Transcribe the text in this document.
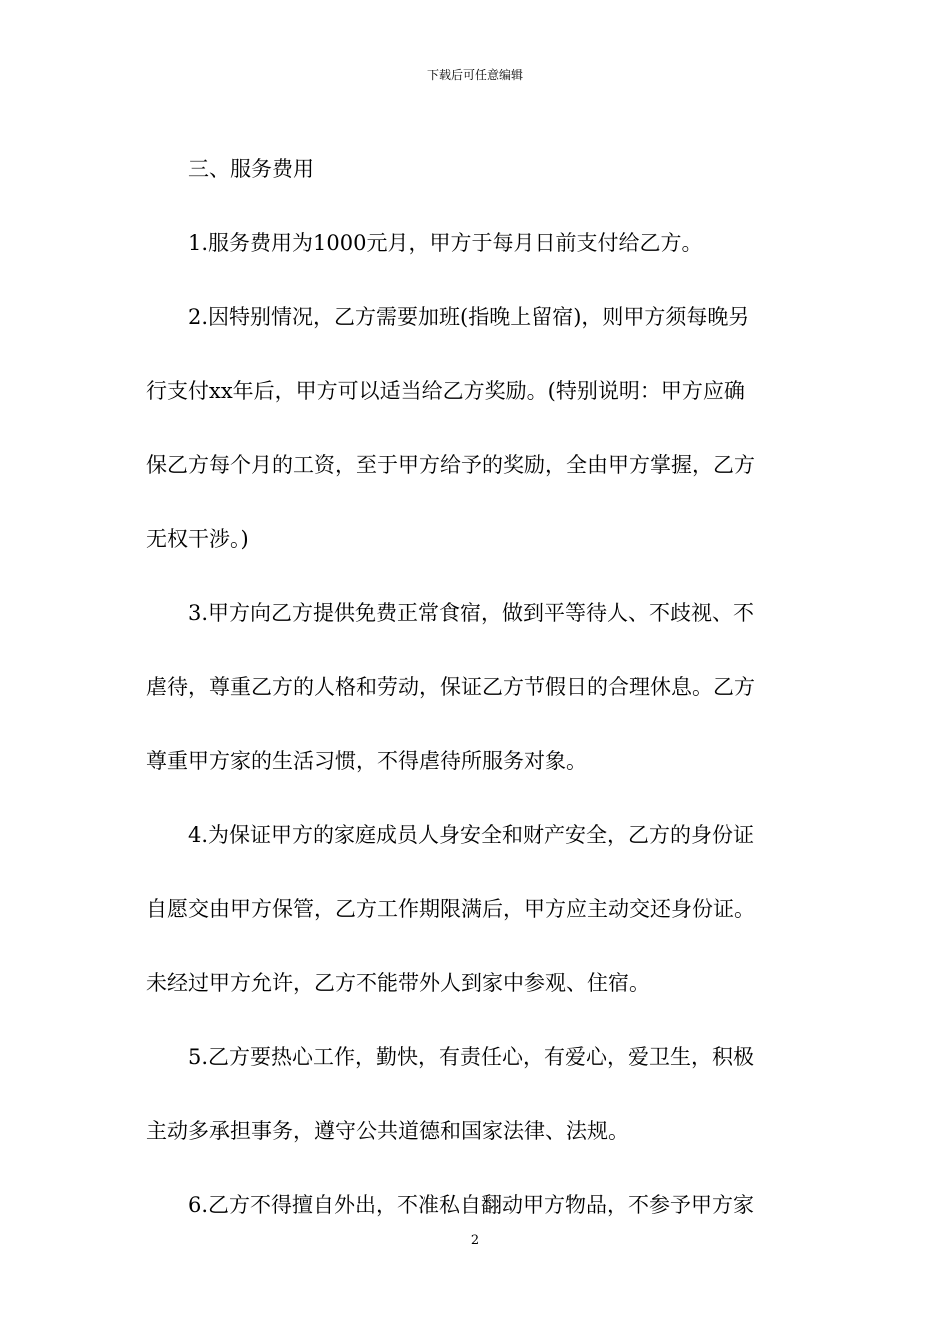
下载后可任意编辑
三、服务费用
1.服务费用为1000元月，甲方于每月日前支付给乙方。
2.因特别情况，乙方需要加班(指晚上留宿)，则甲方须每晚另
行支付xx年后，甲方可以适当给乙方奖励。(特别说明：甲方应确
保乙方每个月的工资，至于甲方给予的奖励，全由甲方掌握，乙方
无权干涉。)
3.甲方向乙方提供免费正常食宿，做到平等待人、不歧视、不
虐待，尊重乙方的人格和劳动，保证乙方节假日的合理休息。乙方
尊重甲方家的生活习惯，不得虐待所服务对象。
4.为保证甲方的家庭成员人身安全和财产安全，乙方的身份证
自愿交由甲方保管，乙方工作期限满后，甲方应主动交还身份证。
未经过甲方允许，乙方不能带外人到家中参观、住宿。
5.乙方要热心工作，勤快，有责任心，有爱心，爱卫生，积极
主动多承担事务，遵守公共道德和国家法律、法规。
6.乙方不得擅自外出，不准私自翻动甲方物品，不参予甲方家
2
